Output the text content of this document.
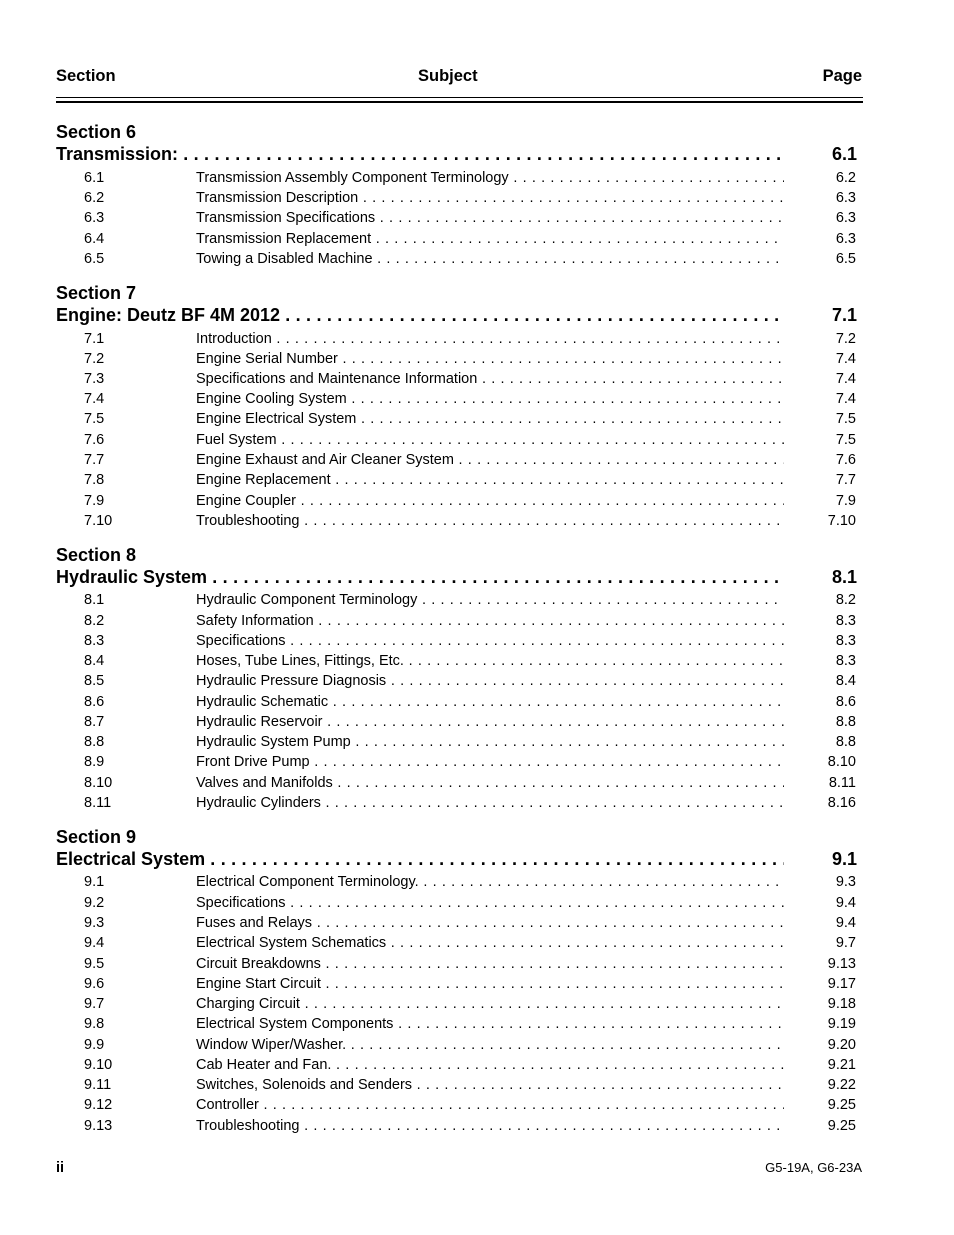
Section	Subject	Page
Section 6
Transmission: . . .	6.1
6.1	Transmission Assembly Component Terminology . . .	6.2
6.2	Transmission Description . . .	6.3
6.3	Transmission Specifications . . .	6.3
6.4	Transmission Replacement . . .	6.3
6.5	Towing a Disabled Machine . . .	6.5
Section 7
Engine: Deutz BF 4M 2012 . . .	7.1
7.1	Introduction . . .	7.2
7.2	Engine Serial Number . . .	7.4
7.3	Specifications and Maintenance Information . . .	7.4
7.4	Engine Cooling System . . .	7.4
7.5	Engine Electrical System . . .	7.5
7.6	Fuel System . . .	7.5
7.7	Engine Exhaust and Air Cleaner System . . .	7.6
7.8	Engine Replacement . . .	7.7
7.9	Engine Coupler . . .	7.9
7.10	Troubleshooting . . .	7.10
Section 8
Hydraulic System . . .	8.1
8.1	Hydraulic Component Terminology . . .	8.2
8.2	Safety Information . . .	8.3
8.3	Specifications . . .	8.3
8.4	Hoses, Tube Lines, Fittings, Etc. . . .	8.3
8.5	Hydraulic Pressure Diagnosis . . .	8.4
8.6	Hydraulic Schematic . . .	8.6
8.7	Hydraulic Reservoir . . .	8.8
8.8	Hydraulic System Pump . . .	8.8
8.9	Front Drive Pump . . .	8.10
8.10	Valves and Manifolds . . .	8.11
8.11	Hydraulic Cylinders . . .	8.16
Section 9
Electrical System . . .	9.1
9.1	Electrical Component Terminology. . . .	9.3
9.2	Specifications . . .	9.4
9.3	Fuses and Relays . . .	9.4
9.4	Electrical System Schematics . . .	9.7
9.5	Circuit Breakdowns . . .	9.13
9.6	Engine Start Circuit . . .	9.17
9.7	Charging Circuit . . .	9.18
9.8	Electrical System Components . . .	9.19
9.9	Window Wiper/Washer. . . .	9.20
9.10	Cab Heater and Fan. . . .	9.21
9.11	Switches, Solenoids and Senders . . .	9.22
9.12	Controller . . .	9.25
9.13	Troubleshooting . . .	9.25
ii	G5-19A, G6-23A
